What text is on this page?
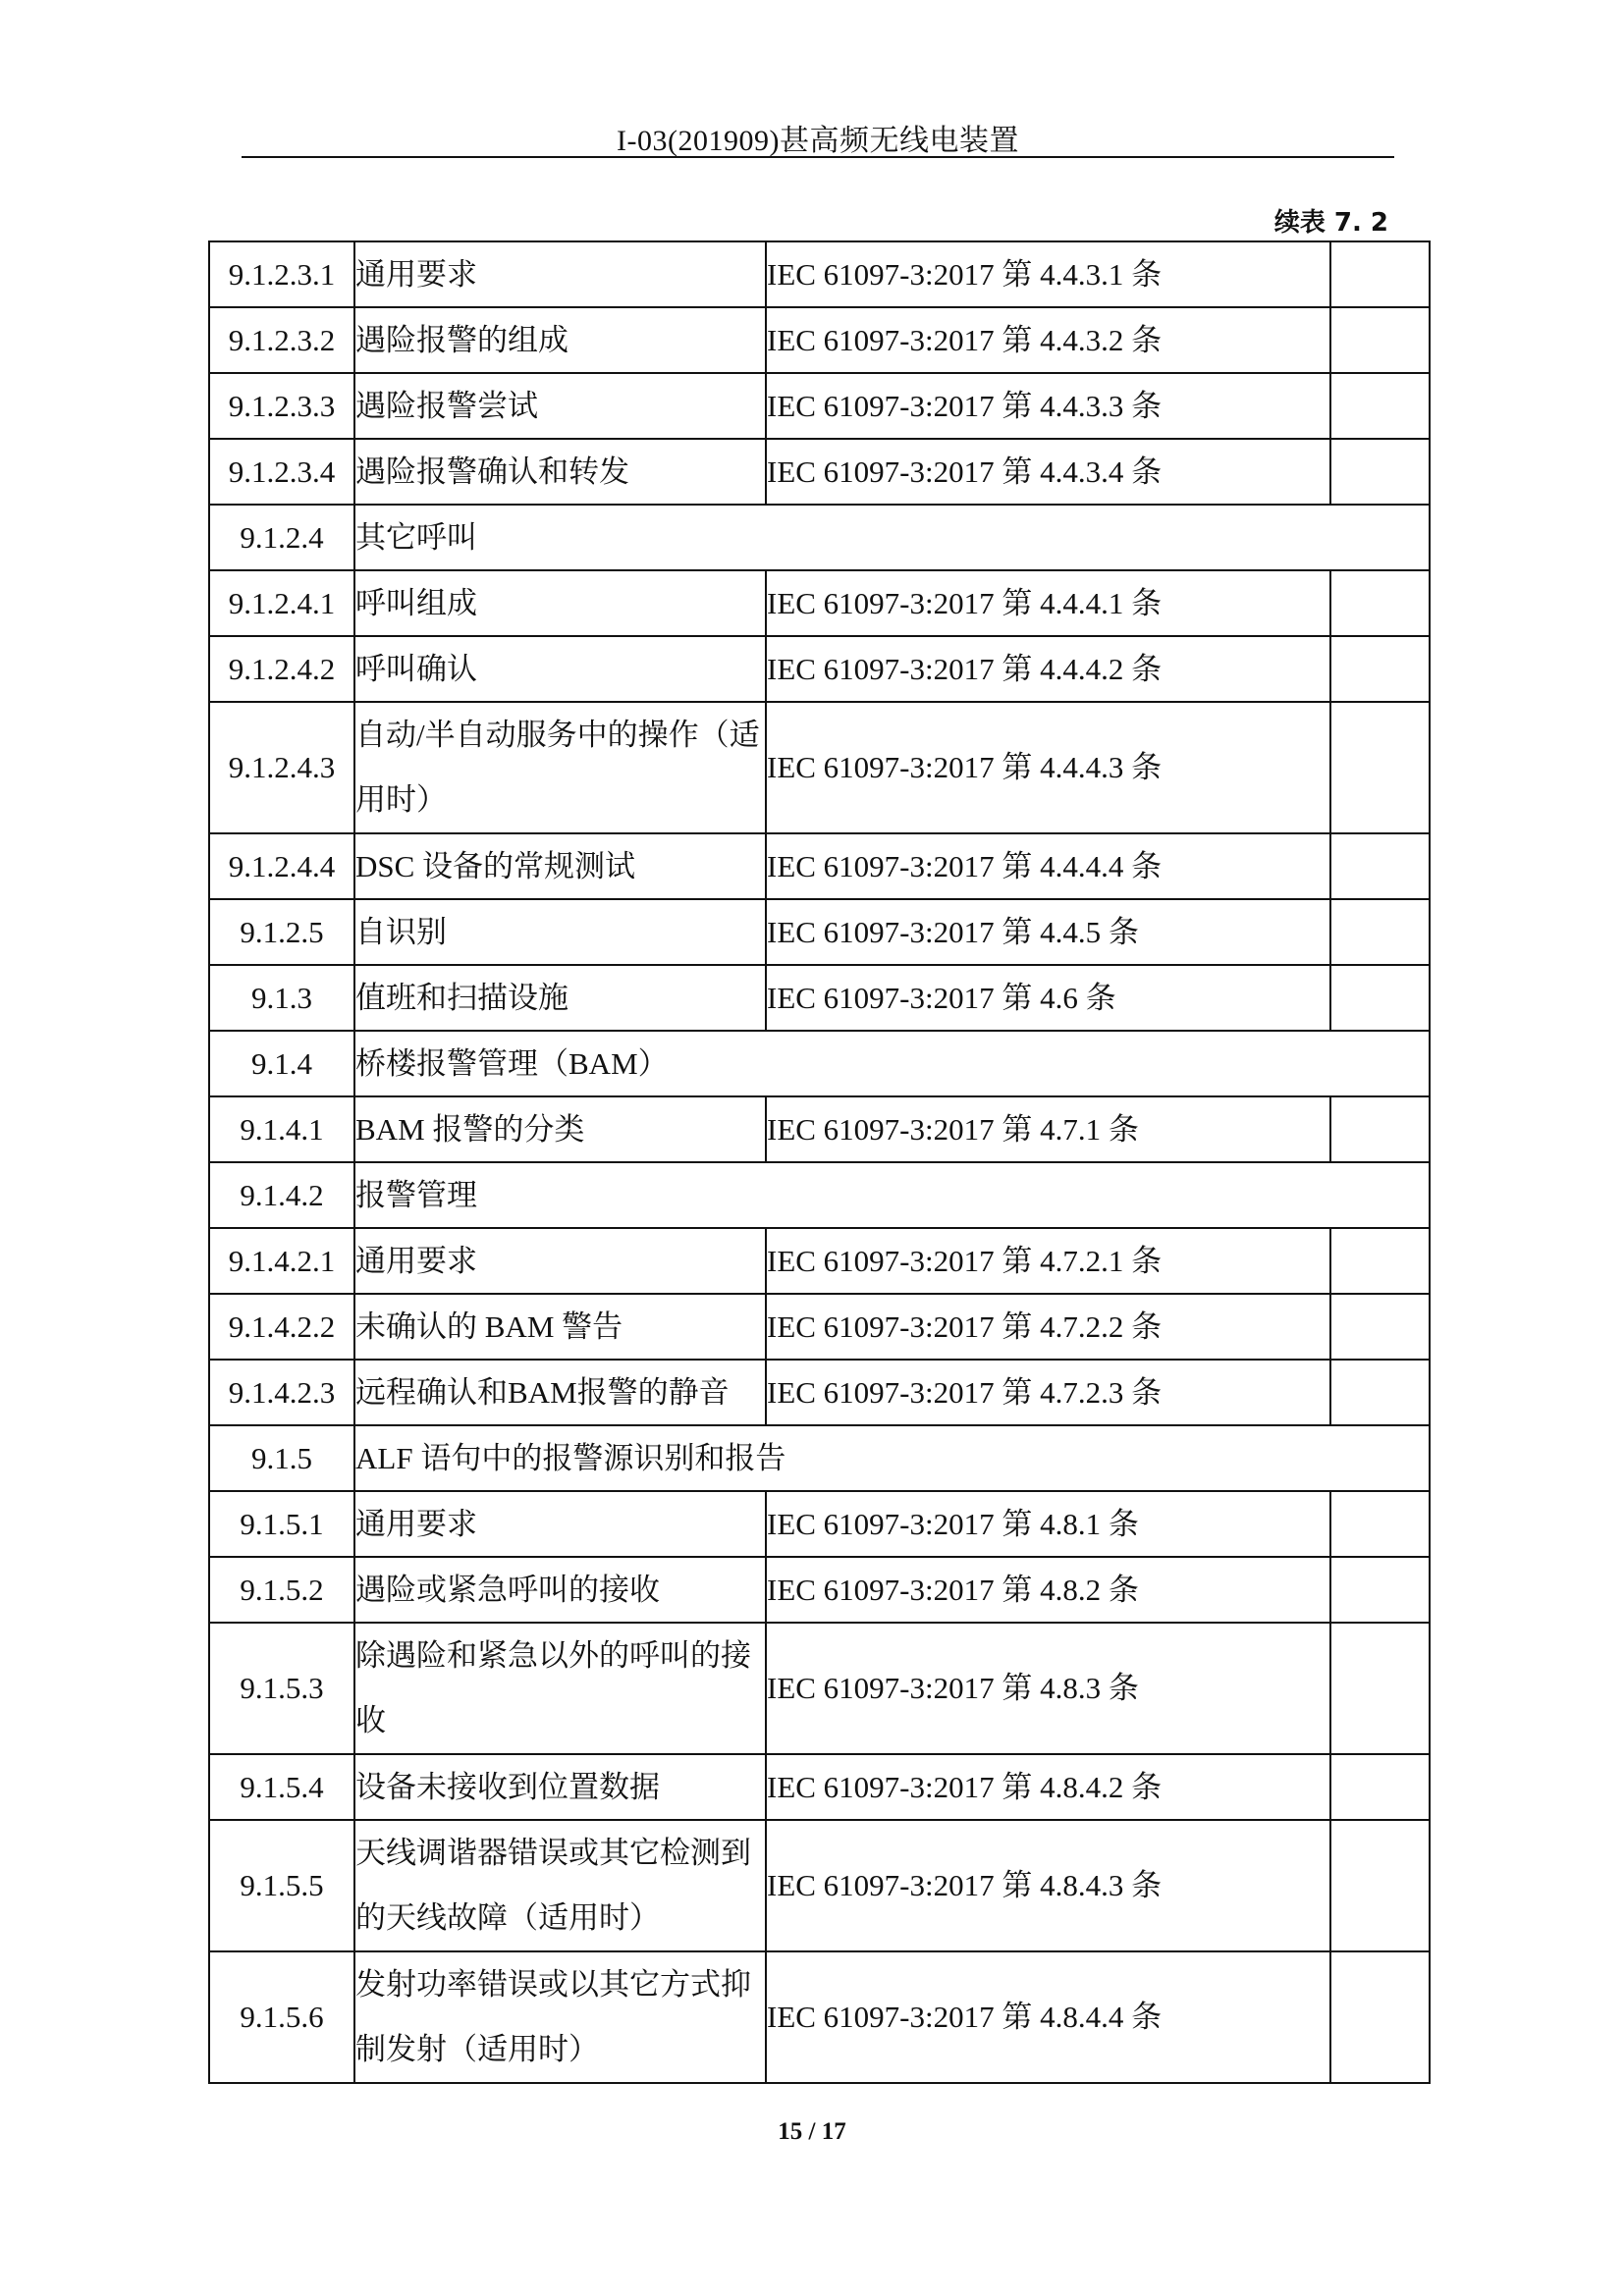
I-03(201909)甚高频无线电装置
续表 7. 2
9.1.2.3.1	通用要求	IEC 61097-3:2017 第 4.4.3.1 条	
9.1.2.3.2	遇险报警的组成	IEC 61097-3:2017 第 4.4.3.2 条	
9.1.2.3.3	遇险报警尝试	IEC 61097-3:2017 第 4.4.3.3 条	
9.1.2.3.4	遇险报警确认和转发	IEC 61097-3:2017 第 4.4.3.4 条	
9.1.2.4	其它呼叫		
9.1.2.4.1	呼叫组成	IEC 61097-3:2017 第 4.4.4.1 条	
9.1.2.4.2	呼叫确认	IEC 61097-3:2017 第 4.4.4.2 条	
9.1.2.4.3	自动/半自动服务中的操作（适用时）	IEC 61097-3:2017 第 4.4.4.3 条	
9.1.2.4.4	DSC 设备的常规测试	IEC 61097-3:2017 第 4.4.4.4 条	
9.1.2.5	自识别	IEC 61097-3:2017 第 4.4.5 条	
9.1.3	值班和扫描设施	IEC 61097-3:2017 第 4.6 条	
9.1.4	桥楼报警管理（BAM）		
9.1.4.1	BAM 报警的分类	IEC 61097-3:2017 第 4.7.1 条	
9.1.4.2	报警管理		
9.1.4.2.1	通用要求	IEC 61097-3:2017 第 4.7.2.1 条	
9.1.4.2.2	未确认的 BAM 警告	IEC 61097-3:2017 第 4.7.2.2 条	
9.1.4.2.3	远程确认和BAM报警的静音	IEC 61097-3:2017 第 4.7.2.3 条	
9.1.5	ALF 语句中的报警源识别和报告		
9.1.5.1	通用要求	IEC 61097-3:2017 第 4.8.1 条	
9.1.5.2	遇险或紧急呼叫的接收	IEC 61097-3:2017 第 4.8.2 条	
9.1.5.3	除遇险和紧急以外的呼叫的接收	IEC 61097-3:2017 第 4.8.3 条	
9.1.5.4	设备未接收到位置数据	IEC 61097-3:2017 第 4.8.4.2 条	
9.1.5.5	天线调谐器错误或其它检测到的天线故障（适用时）	IEC 61097-3:2017 第 4.8.4.3 条	
9.1.5.6	发射功率错误或以其它方式抑制发射（适用时）	IEC 61097-3:2017 第 4.8.4.4 条	
15 / 17
